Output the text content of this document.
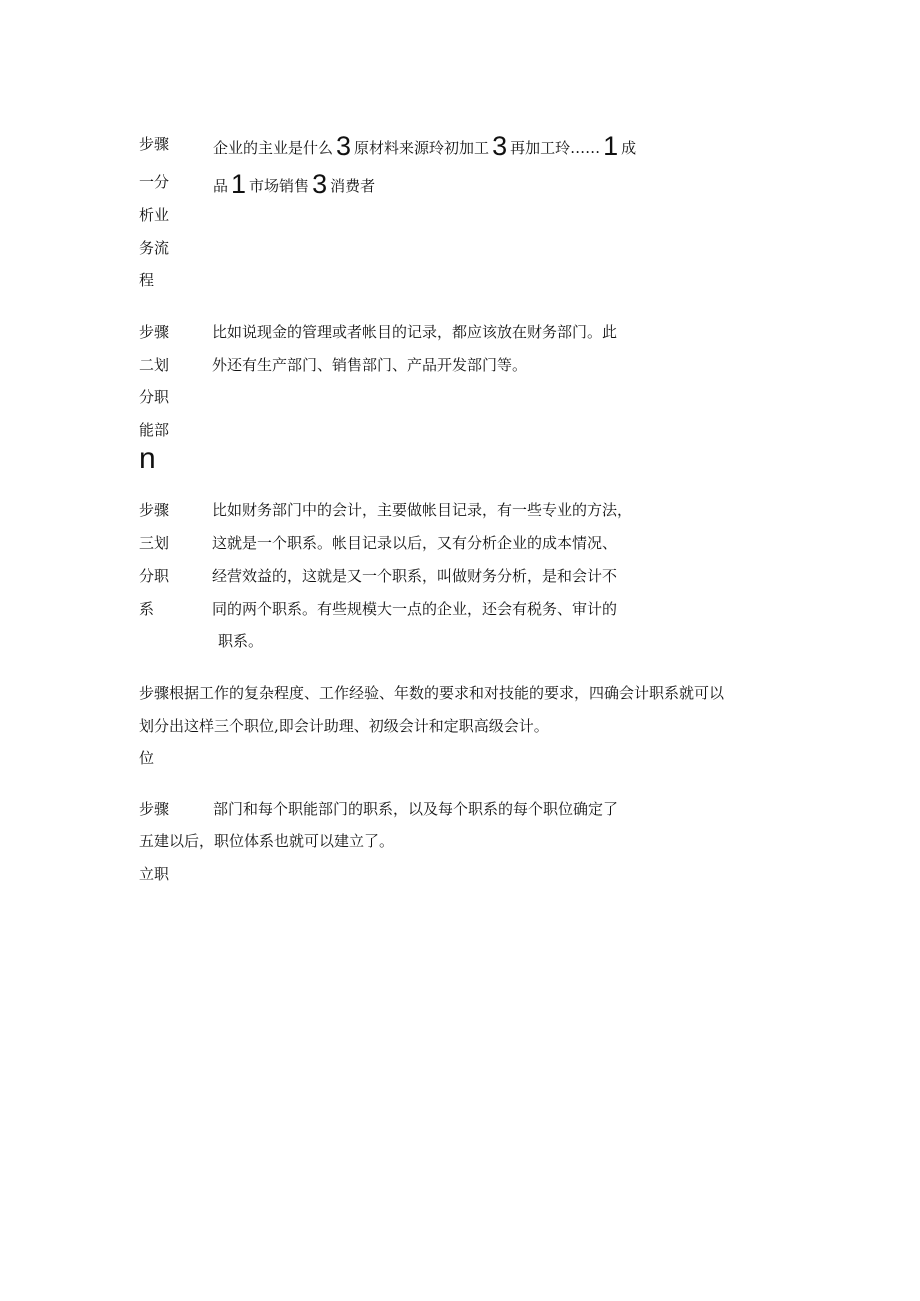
步骤
一分
析业
务流
程
企业的主业是什么 3 原材料来源玲初加工 3 再加工玲…… 1 成
品 1 市场销售 3 消费者
步骤
二划
分职
能部
n
比如说现金的管理或者帐目的记录，都应该放在财务部门。此
外还有生产部门、销售部门、产品开发部门等。
步骤
三划
分职
系
比如财务部门中的会计，主要做帐目记录，有一些专业的方法，
这就是一个职系。帐目记录以后，又有分析企业的成本情况、
经营效益的，这就是又一个职系，叫做财务分析，是和会计不
同的两个职系。有些规模大一点的企业，还会有税务、审计的
职系。
步骤根据工作的复杂程度、工作经验、年数的要求和对技能的要求，四确会计职系就可以
划分出这样三个职位,即会计助理、初级会计和定职高级会计。
位
步骤	部门和每个职能部门的职系，以及每个职系的每个职位确定了
五建以后，职位体系也就可以建立了。
立职
